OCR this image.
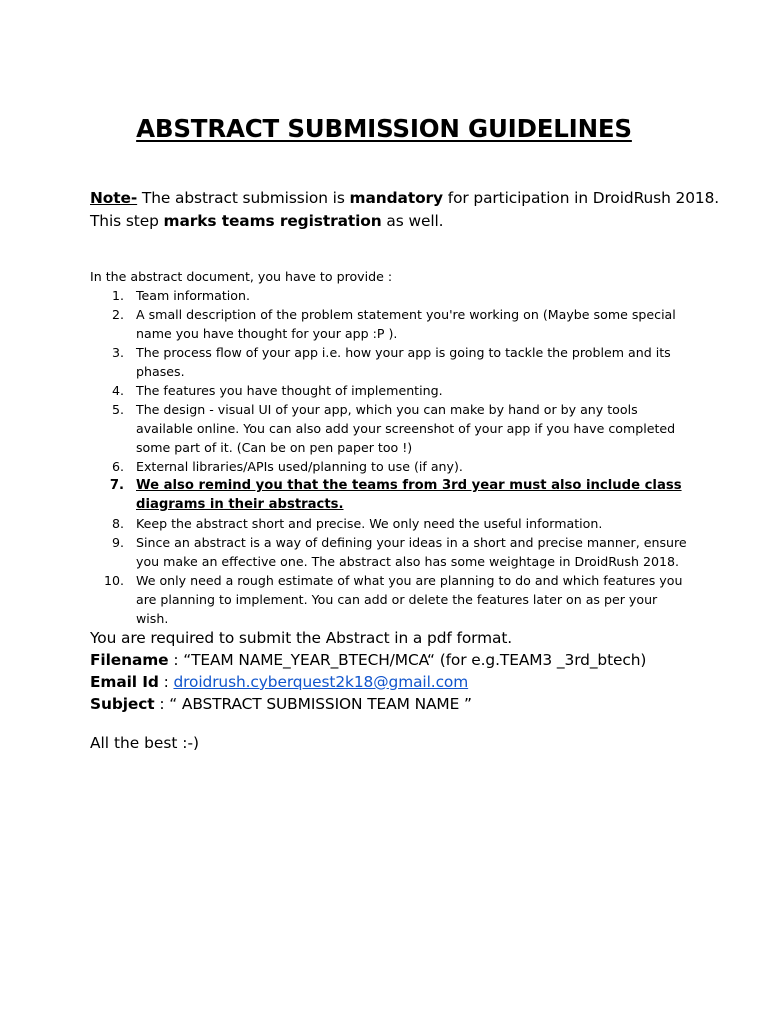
ABSTRACT SUBMISSION GUIDELINES

Note- The abstract submission is mandatory for participation in DroidRush 2018.
This step marks teams registration as well.

In the abstract document, you have to provide :

1. Team information.
2. A small description of the problem statement you're working on (Maybe some special name you have thought for your app :P ).
3. The process flow of your app i.e. how your app is going to tackle the problem and its phases.
4. The features you have thought of implementing.
5. The design - visual UI of your app, which you can make by hand or by any tools available online. You can also add your screenshot of your app if you have completed some part of it. (Can be on pen paper too !)
6. External libraries/APIs used/planning to use (if any).
7. We also remind you that the teams from 3rd year must also include class diagrams in their abstracts.
8. Keep the abstract short and precise. We only need the useful information.
9. Since an abstract is a way of defining your ideas in a short and precise manner, ensure you make an effective one. The abstract also has some weightage in DroidRush 2018.
10. We only need a rough estimate of what you are planning to do and which features you are planning to implement. You can add or delete the features later on as per your wish.
You are required to submit the Abstract in a pdf format.
Filename : “TEAM NAME_YEAR_BTECH/MCA“ (for e.g.TEAM3 _3rd_btech)
Email Id : droidrush.cyberquest2k18@gmail.com
Subject : “ ABSTRACT SUBMISSION TEAM NAME ”

All the best :-)
